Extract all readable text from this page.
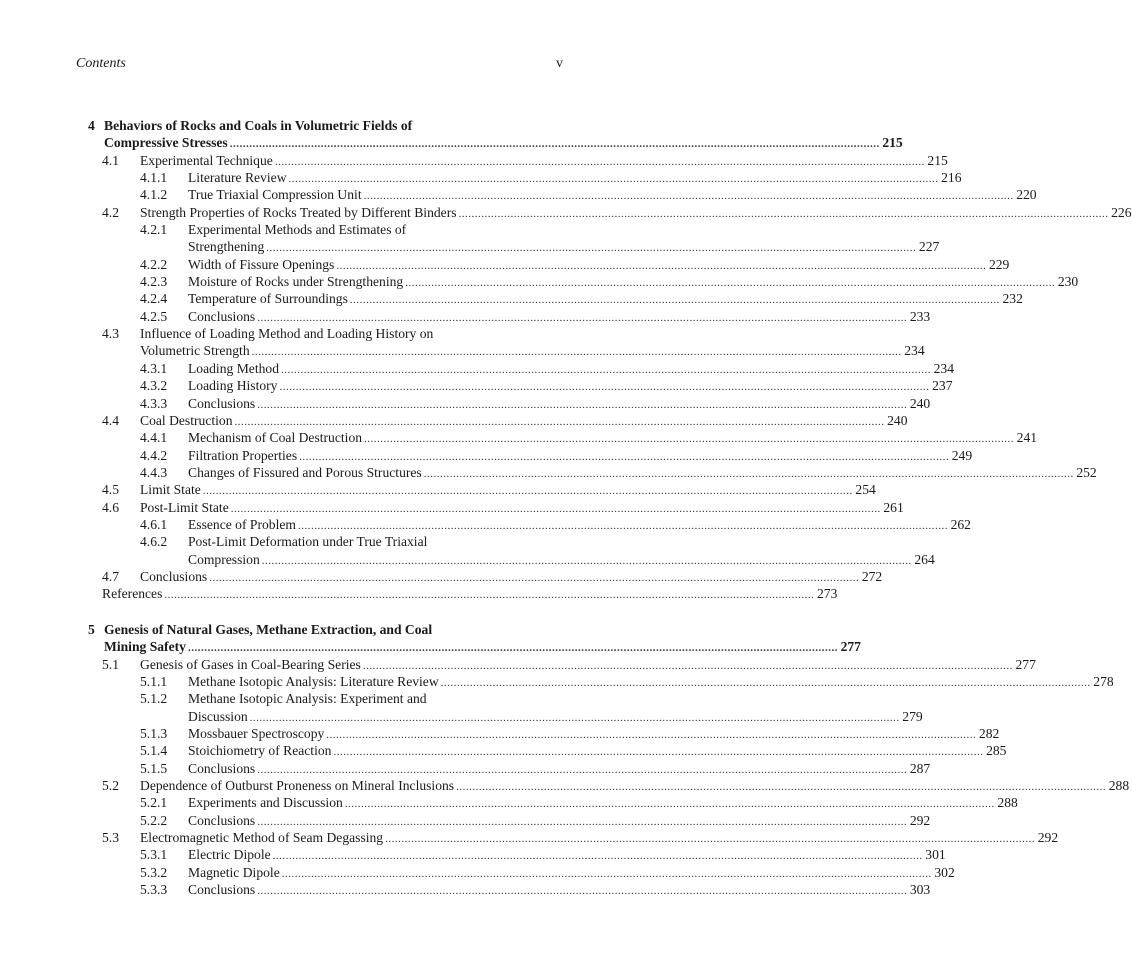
Contents	v
4 Behaviors of Rocks and Coals in Volumetric Fields of
Compressive Stresses ........................................................................................................................................................................................................ 215
4.1 Experimental Technique ........................................................................................................................................................................................................ 215
4.1.1 Literature Review ........................................................................................................................................................................................................ 216
4.1.2 True Triaxial Compression Unit ........................................................................................................................................................................................................ 220
4.2 Strength Properties of Rocks Treated by Different Binders ........................................................................................................................................................................................................ 226
4.2.1 Experimental Methods and Estimates of
Strengthening ........................................................................................................................................................................................................ 227
4.2.2 Width of Fissure Openings ........................................................................................................................................................................................................ 229
4.2.3 Moisture of Rocks under Strengthening ........................................................................................................................................................................................................ 230
4.2.4 Temperature of Surroundings ........................................................................................................................................................................................................ 232
4.2.5 Conclusions ........................................................................................................................................................................................................ 233
4.3 Influence of Loading Method and Loading History on
Volumetric Strength ........................................................................................................................................................................................................ 234
4.3.1 Loading Method ........................................................................................................................................................................................................ 234
4.3.2 Loading History ........................................................................................................................................................................................................ 237
4.3.3 Conclusions ........................................................................................................................................................................................................ 240
4.4 Coal Destruction ........................................................................................................................................................................................................ 240
4.4.1 Mechanism of Coal Destruction ........................................................................................................................................................................................................ 241
4.4.2 Filtration Properties ........................................................................................................................................................................................................ 249
4.4.3 Changes of Fissured and Porous Structures ........................................................................................................................................................................................................ 252
4.5 Limit State ........................................................................................................................................................................................................ 254
4.6 Post-Limit State ........................................................................................................................................................................................................ 261
4.6.1 Essence of Problem ........................................................................................................................................................................................................ 262
4.6.2 Post-Limit Deformation under True Triaxial
Compression ........................................................................................................................................................................................................ 264
4.7 Conclusions ........................................................................................................................................................................................................ 272
References ........................................................................................................................................................................................................ 273
5 Genesis of Natural Gases, Methane Extraction, and Coal
Mining Safety ........................................................................................................................................................................................................ 277
5.1 Genesis of Gases in Coal-Bearing Series ........................................................................................................................................................................................................ 277
5.1.1 Methane Isotopic Analysis: Literature Review ........................................................................................................................................................................................................ 278
5.1.2 Methane Isotopic Analysis: Experiment and
Discussion ........................................................................................................................................................................................................ 279
5.1.3 Mossbauer Spectroscopy ........................................................................................................................................................................................................ 282
5.1.4 Stoichiometry of Reaction ........................................................................................................................................................................................................ 285
5.1.5 Conclusions ........................................................................................................................................................................................................ 287
5.2 Dependence of Outburst Proneness on Mineral Inclusions ........................................................................................................................................................................................................ 288
5.2.1 Experiments and Discussion ........................................................................................................................................................................................................ 288
5.2.2 Conclusions ........................................................................................................................................................................................................ 292
5.3 Electromagnetic Method of Seam Degassing ........................................................................................................................................................................................................ 292
5.3.1 Electric Dipole ........................................................................................................................................................................................................ 301
5.3.2 Magnetic Dipole ........................................................................................................................................................................................................ 302
5.3.3 Conclusions ........................................................................................................................................................................................................ 303
